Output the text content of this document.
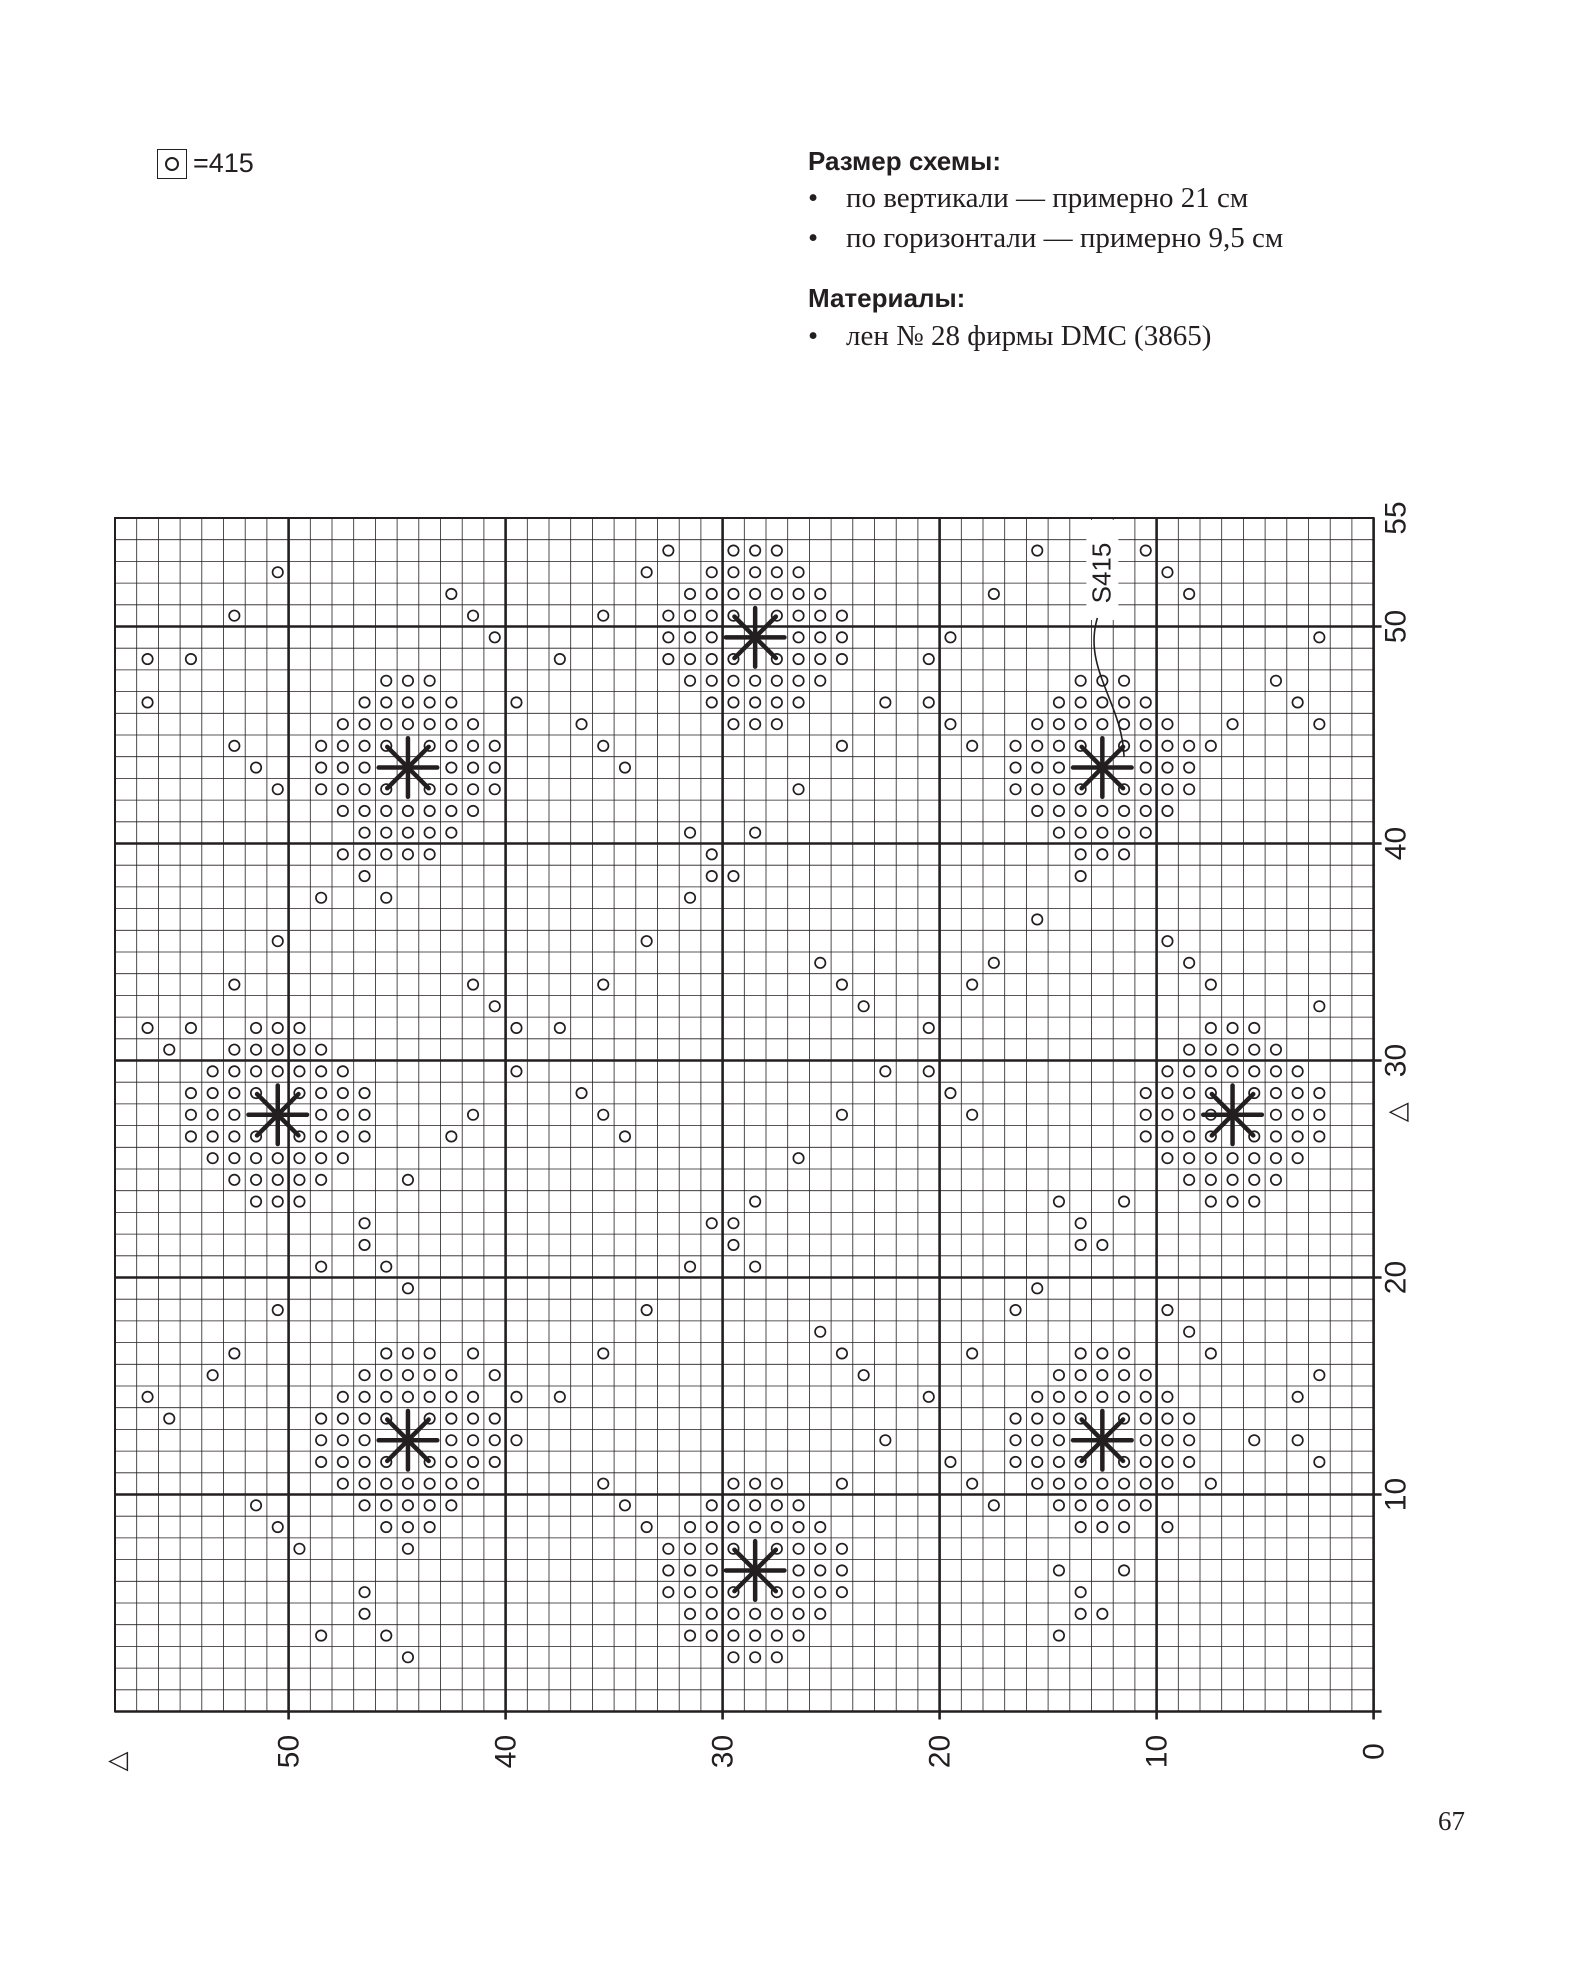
=415	Размер схемы:
• по вертикали — примерно 21 см
• по горизонтали — примерно 9,5 см
Материалы:
• лен № 28 фирмы DMC (3865)
10
20
30
40
50
55
0
10
20
30
40
50
△
△
S415
67
